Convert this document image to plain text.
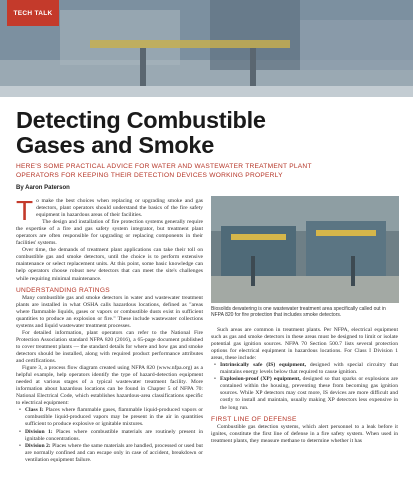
TECH TALK
Detecting Combustible
Gases and Smoke
HERE'S SOME PRACTICAL ADVICE FOR WATER AND WASTEWATER TREATMENT PLANT
OPERATORS FOR KEEPING THEIR DETECTION DEVICES WORKING PROPERLY
By Aaron Paterson

To make the best choices when replacing or upgrading smoke and gas detectors, plant operators should understand the basics of the fire safety equipment in hazardous areas of their facilities.

The design and installation of fire protection systems generally require the expertise of a fire and gas safety system integrator, but treatment plant operators are often responsible for upgrading or replacing components in their facilities' systems.

Over time, the demands of treatment plant applications can take their toll on combustible gas and smoke detectors, until the choice is to perform extensive maintenance or select replacement units. At this point, some basic knowledge can help operators choose robust new detectors that can meet the site's challenges while requiring minimal maintenance.

UNDERSTANDING RATINGS

Many combustible gas and smoke detectors in water and wastewater treatment plants are installed in what OSHA calls hazardous locations, defined as "areas where flammable liquids, gases or vapors or combustible dusts exist in sufficient quantities to produce an explosion or fire." These include wastewater collections systems and liquid wastewater treatment processes.

For detailed information, plant operators can refer to the National Fire Protection Association standard NFPA 820 (2016), a 65-page document published to cover treatment plants — the standard details for where and how gas and smoke detectors should be installed, along with required product performance attributes and certifications.

Figure 3, a process flow diagram created using NFPA 820 (www.nfpa.org) as a helpful example, help operators identify the type of hazard-detection equipment needed at various stages of a typical wastewater treatment facility. More information about hazardous locations can be found in Chapter 5 of NFPA 70: National Electrical Code, which establishes hazardous-area classifications specific to electrical equipment:

• Class I: Places where flammable gases, flammable liquid-produced vapors or combustible liquid-produced vapors may be present in the air in quantities sufficient to produce explosive or ignitable mixtures.
• Division 1: Places where combustible materials are routinely present in ignitable concentrations.
• Division 2: Places where the same materials are handled, processed or used but are normally confined and can escape only in case of accident, breakdown or ventilation equipment failure.
Biosolids dewatering is one wastewater treatment area specifically called out in NFPA 820 for fire protection that includes smoke detectors.

Such areas are common in treatment plants. Per NFPA, electrical equipment such as gas and smoke detectors in these areas must be designed to limit or isolate potential gas ignition sources. NFPA 70 Section 500.7 lists several protection options for electrical equipment in hazardous locations. For Class I Division 1 areas, these include:

• Intrinsically safe (IS) equipment, designed with special circuitry that maintains energy levels below that required to cause ignition.
• Explosion-proof (XP) equipment, designed so that sparks or explosions are contained within the housing, preventing these from becoming gas ignition sources. While XP detectors may cost more, IS devices are more difficult and costly to install and maintain, usually making XP detectors less expensive in the long run.
FIRST LINE OF DEFENSE

Combustible gas detection systems, which alert personnel to a leak before it ignites, constitute the first line of defense in a fire safety system. When used in treatment plants, they measure methane to determine whether it has
